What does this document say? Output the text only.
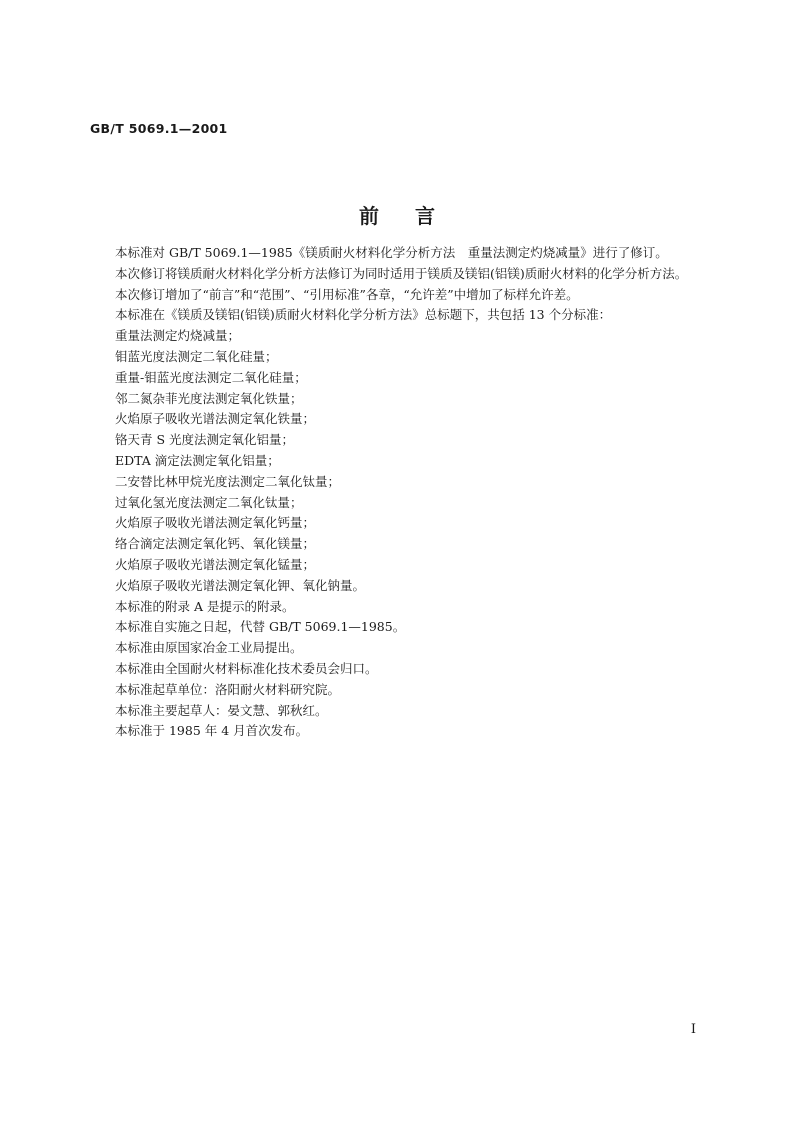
GB/T 5069.1—2001
前言

本标准对 GB/T 5069.1—1985《镁质耐火材料化学分析方法　重量法测定灼烧减量》进行了修订。

本次修订将镁质耐火材料化学分析方法修订为同时适用于镁质及镁铝(铝镁)质耐火材料的化学分析方法。

本次修订增加了“前言”和“范围”、“引用标准”各章，“允许差”中增加了标样允许差。

本标准在《镁质及镁铝(铝镁)质耐火材料化学分析方法》总标题下，共包括 13 个分标准：

重量法测定灼烧减量；

钼蓝光度法测定二氧化硅量；

重量-钼蓝光度法测定二氧化硅量；

邻二氮杂菲光度法测定氧化铁量；

火焰原子吸收光谱法测定氧化铁量；

铬天青 S 光度法测定氧化铝量；

EDTA 滴定法测定氧化铝量；

二安替比林甲烷光度法测定二氧化钛量；

过氧化氢光度法测定二氧化钛量；

火焰原子吸收光谱法测定氧化钙量；

络合滴定法测定氧化钙、氧化镁量；

火焰原子吸收光谱法测定氧化锰量；

火焰原子吸收光谱法测定氧化钾、氧化钠量。

本标准的附录 A 是提示的附录。

本标准自实施之日起，代替 GB/T 5069.1—1985。

本标准由原国家冶金工业局提出。

本标准由全国耐火材料标准化技术委员会归口。

本标准起草单位：洛阳耐火材料研究院。

本标准主要起草人：晏文慧、郭秋红。

本标准于 1985 年 4 月首次发布。

I
